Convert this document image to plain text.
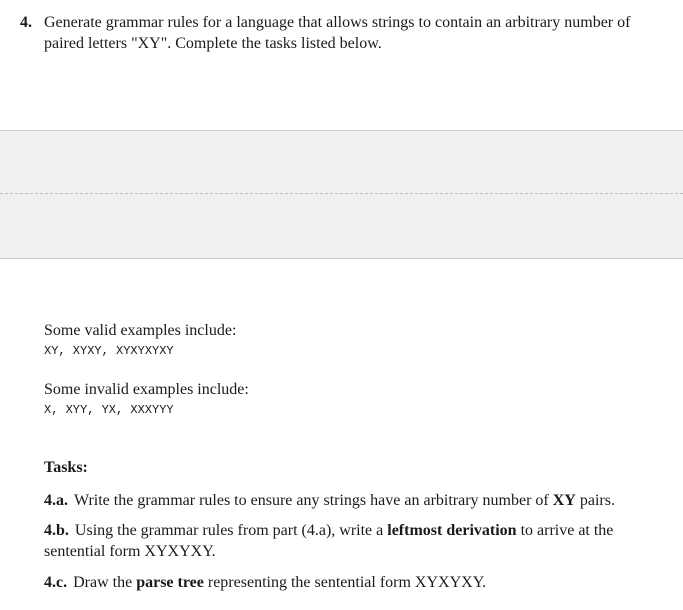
4. Generate grammar rules for a language that allows strings to contain an arbitrary number of paired letters "XY". Complete the tasks listed below.
Some valid examples include:
XY, XYXY, XYXYXYXY
Some invalid examples include:
X, XYY, YX, XXXYYY
Tasks:
4.a. Write the grammar rules to ensure any strings have an arbitrary number of XY pairs.
4.b. Using the grammar rules from part (4.a), write a leftmost derivation to arrive at the sentential form XYXYXY.
4.c. Draw the parse tree representing the sentential form XYXYXY.
